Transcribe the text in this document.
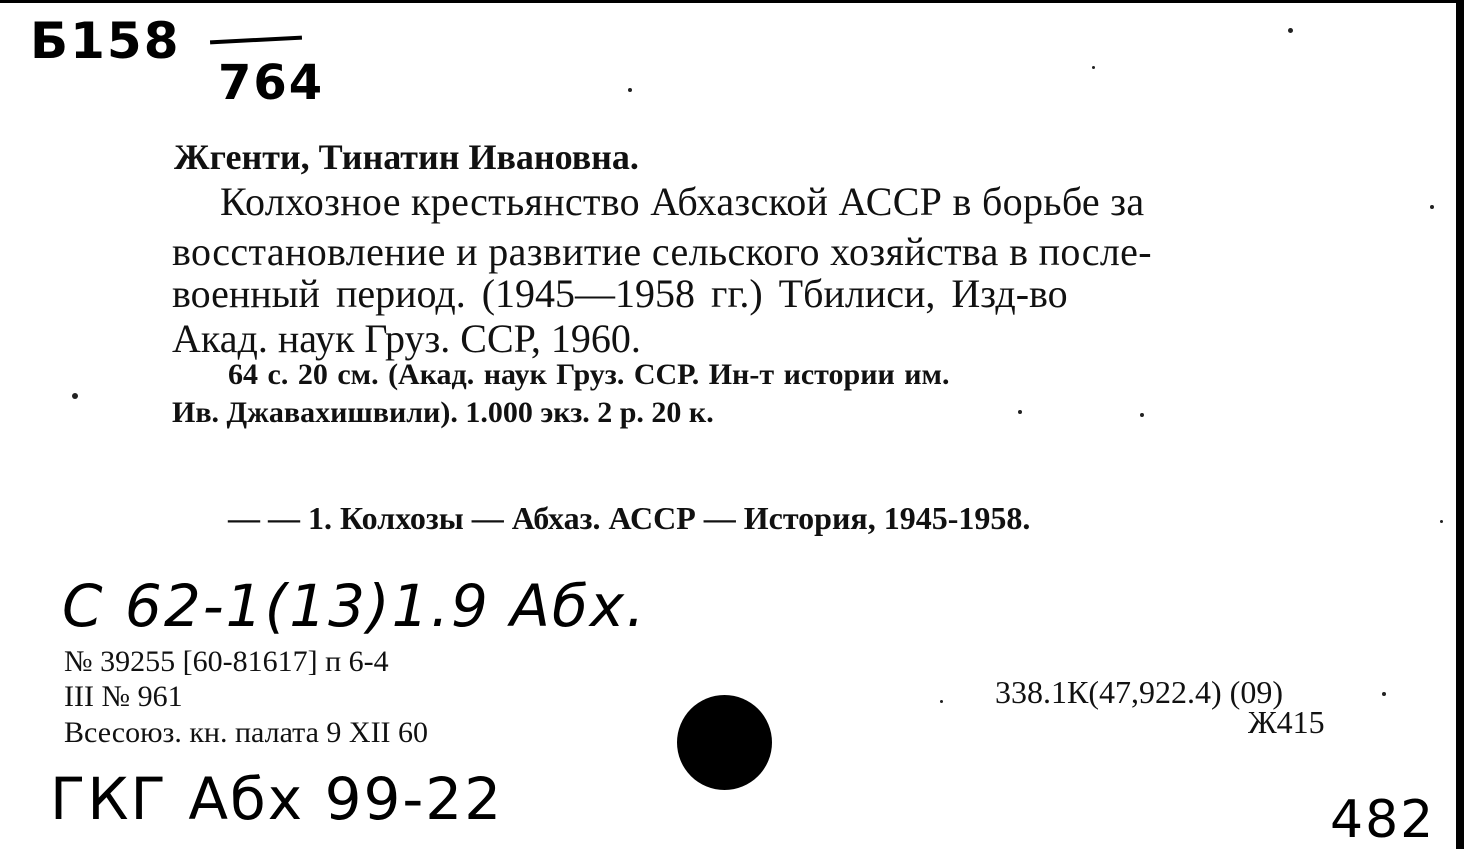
Б158
764
Жгенти, Тинатин Ивановна.
Колхозное крестьянство Абхазской АССР в борьбе за
восстановление и развитие сельского хозяйства в после-
военный период. (1945—1958 гг.) Тбилиси, Изд-во
Акад. наук Груз. ССР, 1960.
64 с. 20 см. (Акад. наук Груз. ССР. Ин-т истории им.
Ив. Джавахишвили). 1.000 экз. 2 р. 20 к.
— — 1. Колхозы — Абхаз. АССР — История, 1945-1958.
С 62-1(13)1.9 Абх.
№ 39255 [60-81617] п 6-4
III № 961
Всесоюз. кн. палата 9 XII 60
338.1К(47,922.4) (09)
Ж415
ГКГ Абх 99-22	482
